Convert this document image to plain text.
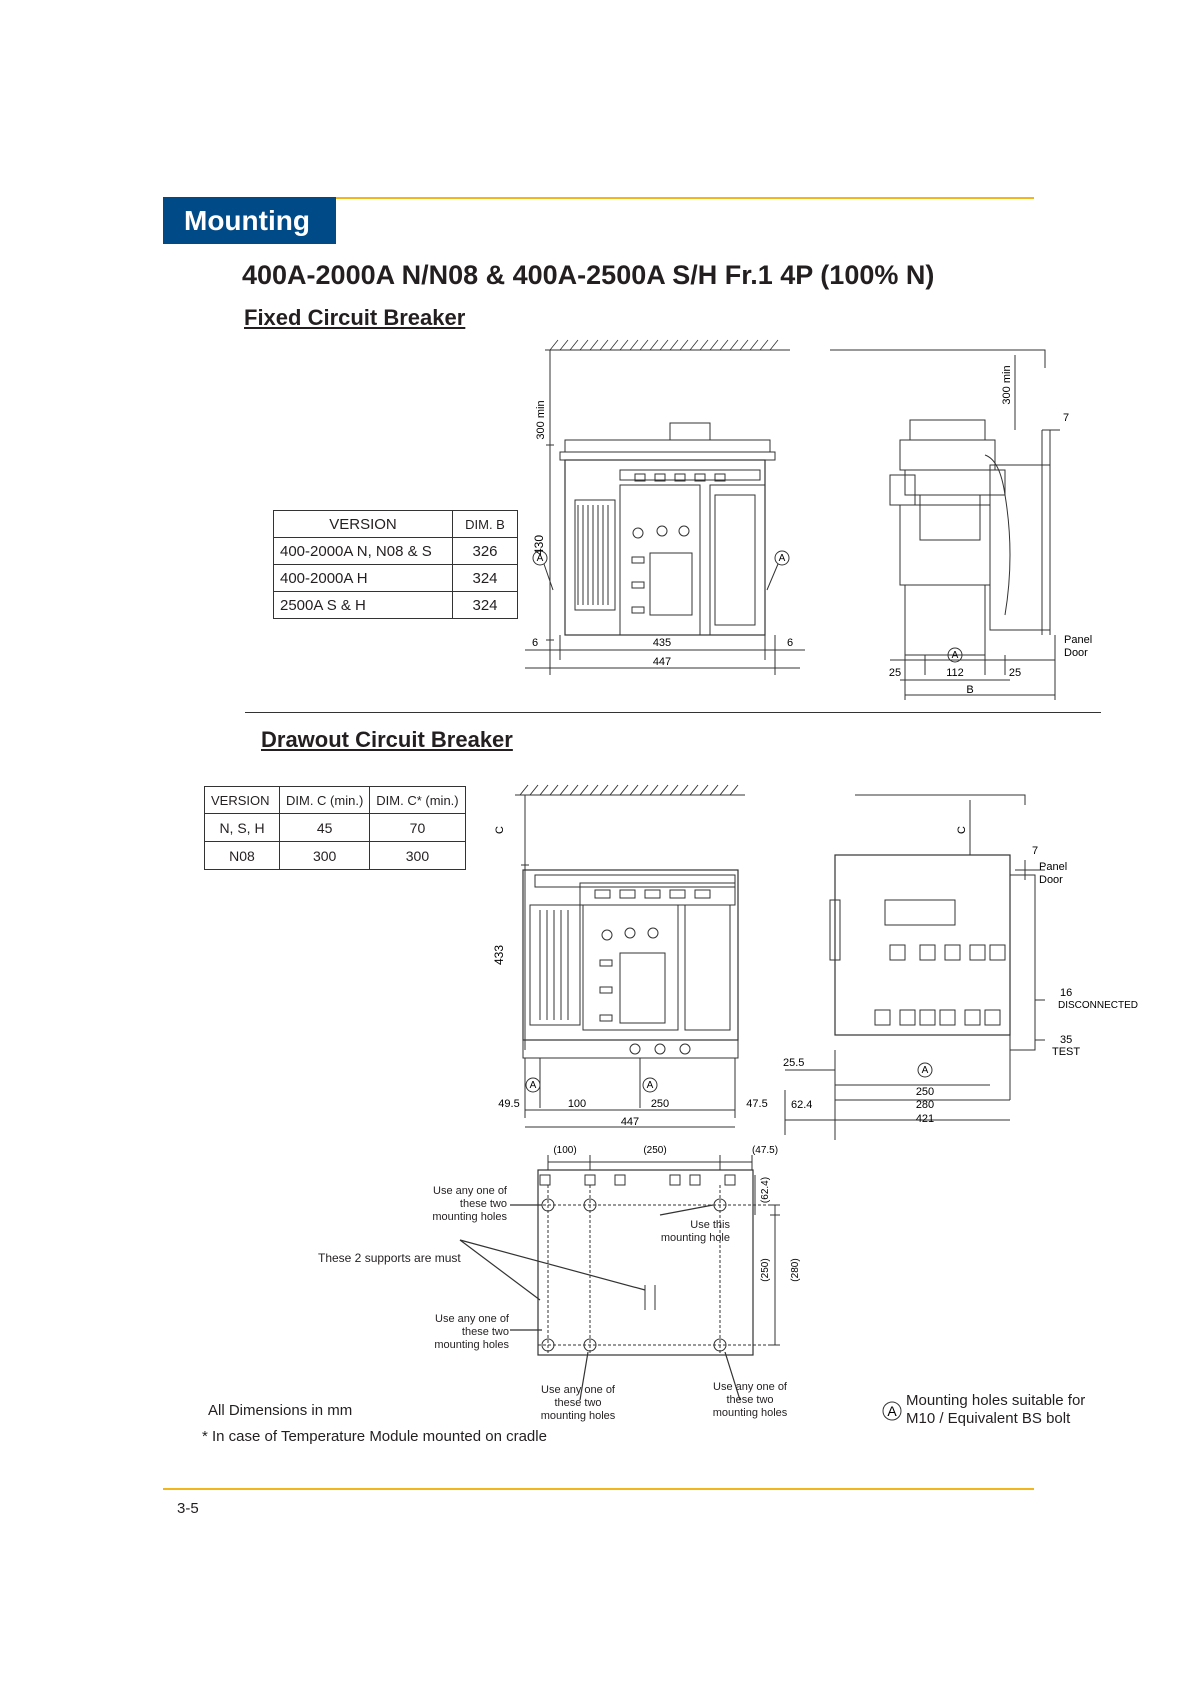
Mounting
400A-2000A N/N08 & 400A-2500A S/H Fr.1 4P (100% N)
Fixed Circuit Breaker
VERSION	DIM. B
400-2000A N, N08 & S	326
400-2000A H	324
2500A S & H	324
A	A
300 min
430
6	6
435
447
A
300 min
7
Panel
Door
25	112	25
B
Drawout Circuit Breaker
VERSION	DIM. C (min.)	DIM. C* (min.)
N, S, H	45	70
N08	300	300
A	A
C
433
49.5	100	250	47.5
447
A
C
7
Panel
Door
16
DISCONNECTED
35
TEST
25.5
62.4
250
280
421
(100)	(250)	(47.5)
(62.4)
(250) (280)
Use any one of
these two
mounting holes
Use this
mounting hole
These 2 supports are must
Use any one of
these two
mounting holes
Use any one of
these two
mounting holes
Use any one of
these two
mounting holes
All Dimensions in mm
* In case of Temperature Module mounted on cradle
A
Mounting holes suitable for
M10 / Equivalent BS bolt
3-5
